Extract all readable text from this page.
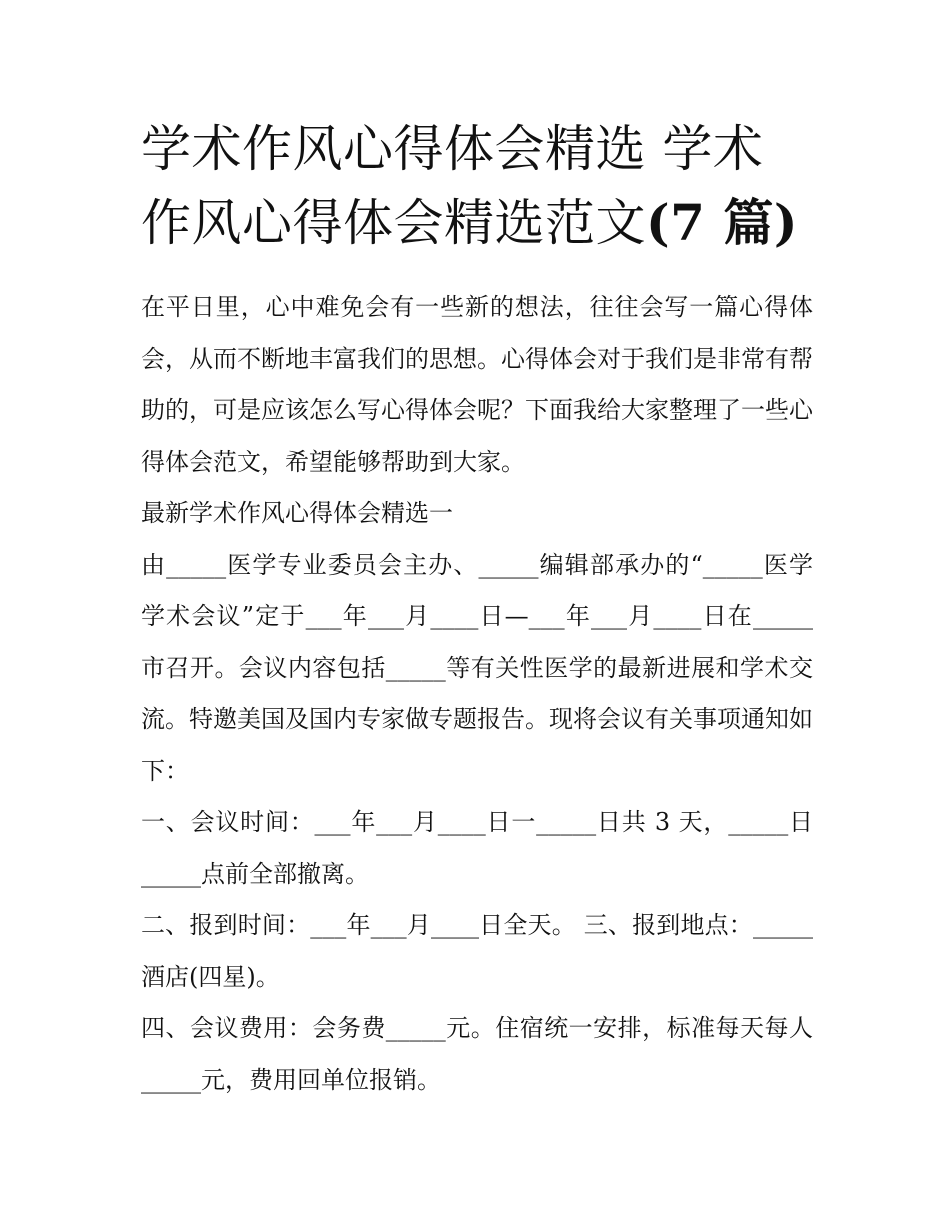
学术作风心得体会精选 学术作风心得体会精选范文(7 篇)

在平日里，心中难免会有一些新的想法，往往会写一篇心得体会，从而不断地丰富我们的思想。心得体会对于我们是非常有帮助的，可是应该怎么写心得体会呢？下面我给大家整理了一些心得体会范文，希望能够帮助到大家。

最新学术作风心得体会精选一

由_____医学专业委员会主办、_____编辑部承办的“_____医学学术会议”定于___年___月____日—___年___月____日在_____市召开。会议内容包括_____等有关性医学的最新进展和学术交流。特邀美国及国内专家做专题报告。现将会议有关事项通知如下：

一、会议时间：___年___月____日一_____日共 3 天，_____日_____点前全部撤离。

二、报到时间：___年___月____日全天。 三、报到地点：_____酒店(四星)。

四、会议费用：会务费_____元。住宿统一安排，标准每天每人_____元，费用回单位报销。
